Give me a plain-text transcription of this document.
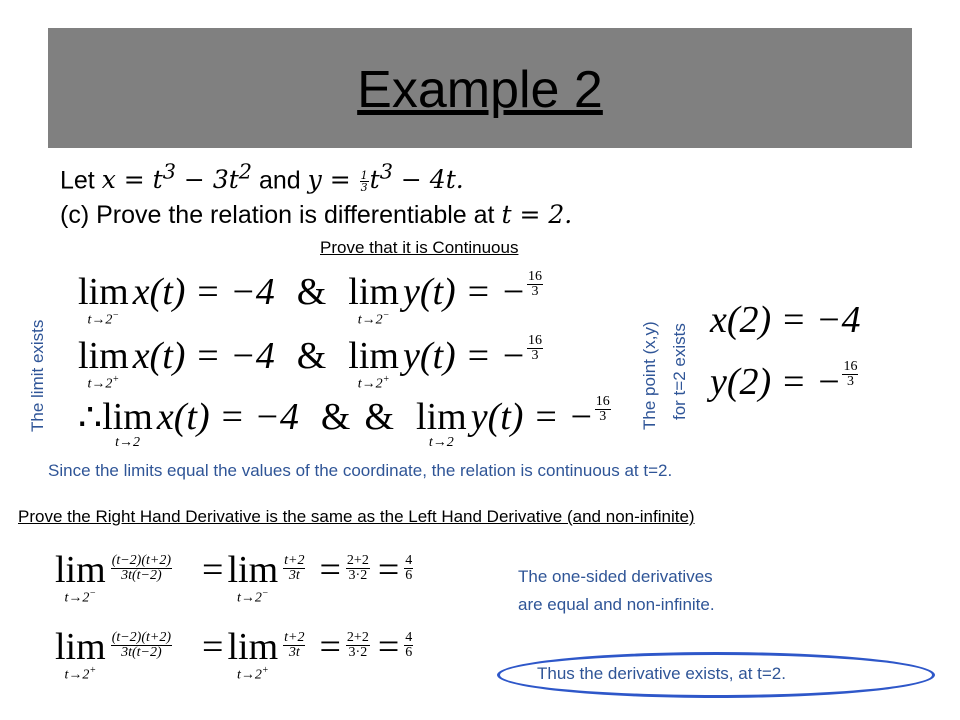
Example 2
Let $x = t^3 - 3t^2$ and $y = \frac{1}{3} t^3 - 4t$.
(c) Prove the relation is differentiable at t = 2.
Prove that it is Continuous
The limit exists	The point (x,y) for t=2 exists
lim
t→2−
x(t) = −4 & lim
t→2−
y(t) = − $\frac{16}{3}$
lim
t→2+
x(t) = −4 & lim
t→2+
y(t) = − $\frac{16}{3}$
∴ lim
t→2
x(t) = −4 & & lim
t→2
y(t) = − $\frac{16}{3}$
x(2) = −4
y(2) = − $\frac{16}{3}$
Since the limits equal the values of the coordinate, the relation is continuous at t=2.
Prove the Right Hand Derivative is the same as the Left Hand Derivative (and non-infinite)
lim
t→2−
$\frac{(t-2)(t+2)}{3t(t-2)} = \lim$
t→2−
$\frac{t+2}{3t} = \frac{2+2}{3\cdot 2} = \frac{4}{6}$
lim
t→2+
$\frac{(t-2)(t+2)}{3t(t-2)} = \lim$
t→2+
$\frac{t+2}{3t} = \frac{2+2}{3\cdot 2} = \frac{4}{6}$
The one-sided derivatives
are equal and non-infinite.
Thus the derivative exists, at t=2.
